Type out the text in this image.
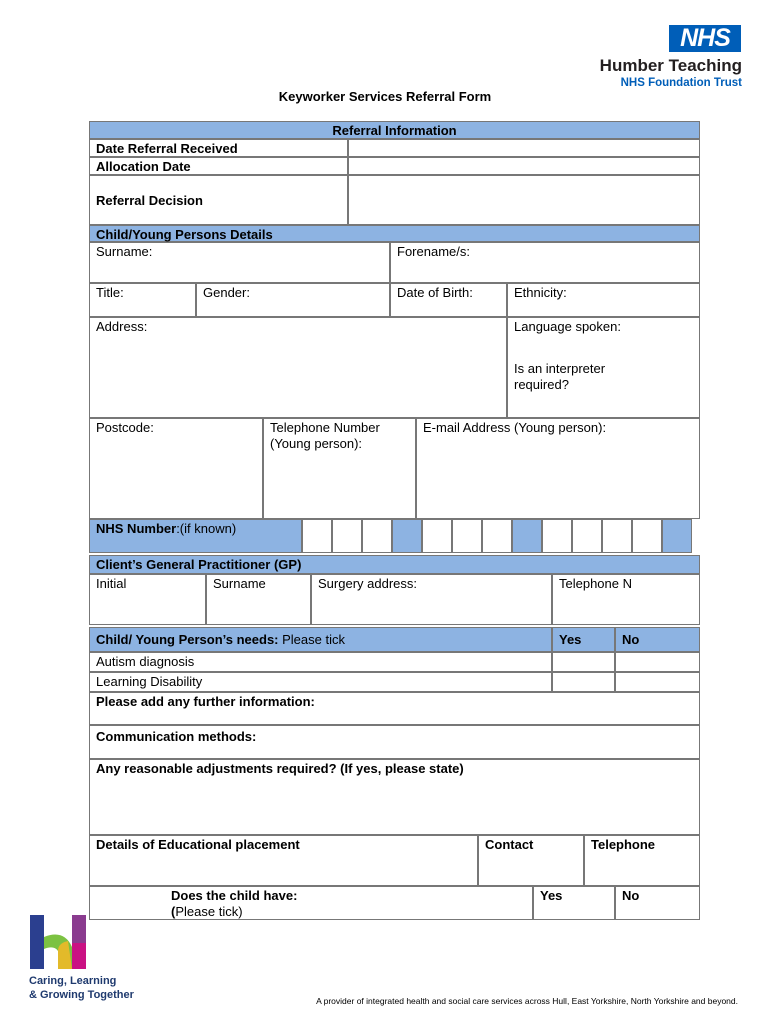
NHS
Humber Teaching
NHS Foundation Trust
Keyworker Services Referral Form
Referral Information
Date Referral Received
Allocation Date
Referral Decision
Child/Young Persons Details
Surname:	Forename/s:
Title:	Gender:	Date of Birth:	Ethnicity:
Address:	Language spoken:
Is an interpreter required?
Postcode:	Telephone Number (Young person):
E-mail Address (Young person):
NHS Number:(if known)
Client’s General Practitioner (GP)
Initial	Surname	Surgery address:	Telephone N
Child/ Young Person’s needs: Please tick	Yes	No
Autism diagnosis
Learning Disability
Please add any further information:
Communication methods:
Any reasonable adjustments required? (If yes, please state)
Details of Educational placement	Contact	Telephone
Does the child have:
(Please tick)
Yes	No
Caring, Learning
& Growing Together	A provider of integrated health and social care services across Hull, East Yorkshire, North Yorkshire and beyond.
